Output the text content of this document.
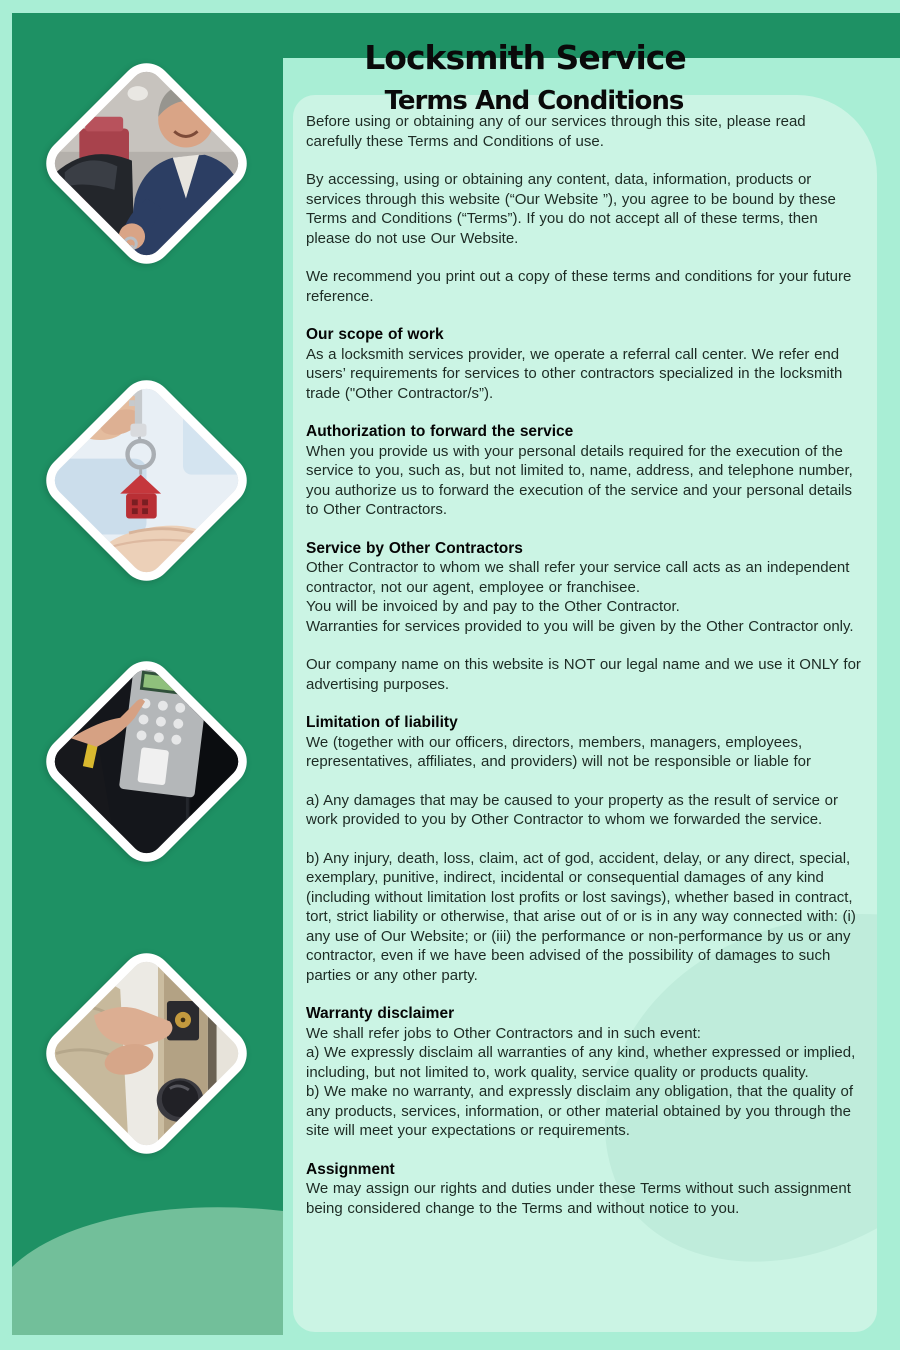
Locksmith Service
Terms And Conditions
Before using or obtaining any of our services through this site, please read carefully these Terms and Conditions of use.
By accessing, using or obtaining any content, data, information, products or services through this website (“Our Website ”), you agree to be bound by these Terms and Conditions (“Terms”). If you do not accept all of these terms, then please do not use Our Website.
We recommend you print out a copy of these terms and conditions for your future reference.
Our scope of work
As a locksmith services provider, we operate a referral call center. We refer end users’ requirements for services to other contractors specialized in the locksmith trade ("Other Contractor/s”).
Authorization to forward the service
When you provide us with your personal details required for the execution of the service to you, such as, but not limited to, name, address, and telephone number, you authorize us to forward the execution of the service and your personal details to Other Contractors.
Service by Other Contractors
Other Contractor to whom we shall refer your service call acts as an independent contractor, not our agent, employee or franchisee.
You will be invoiced by and pay to the Other Contractor.
Warranties for services provided to you will be given by the Other Contractor only.
Our company name on this website is NOT our legal name and we use it ONLY for advertising purposes.
Limitation of liability
We (together with our officers, directors, members, managers, employees, representatives, affiliates, and providers) will not be responsible or liable for
a) Any damages that may be caused to your property as the result of service or work provided to you by Other Contractor to whom we forwarded the service.
b) Any injury, death, loss, claim, act of god, accident, delay, or any direct, special, exemplary, punitive, indirect, incidental or consequential damages of any kind (including without limitation lost profits or lost savings), whether based in contract, tort, strict liability or otherwise, that arise out of or is in any way connected with: (i) any use of Our Website; or (iii) the performance or non-performance by us or any contractor, even if we have been advised of the possibility of damages to such parties or any other party.
Warranty disclaimer
We shall refer jobs to Other Contractors and in such event:
a) We expressly disclaim all warranties of any kind, whether expressed or implied, including, but not limited to, work quality, service quality or products quality.
b) We make no warranty, and expressly disclaim any obligation, that the quality of any products, services, information, or other material obtained by you through the site will meet your expectations or requirements.
Assignment
We may assign our rights and duties under these Terms without such assignment being considered change to the Terms and without notice to you.
